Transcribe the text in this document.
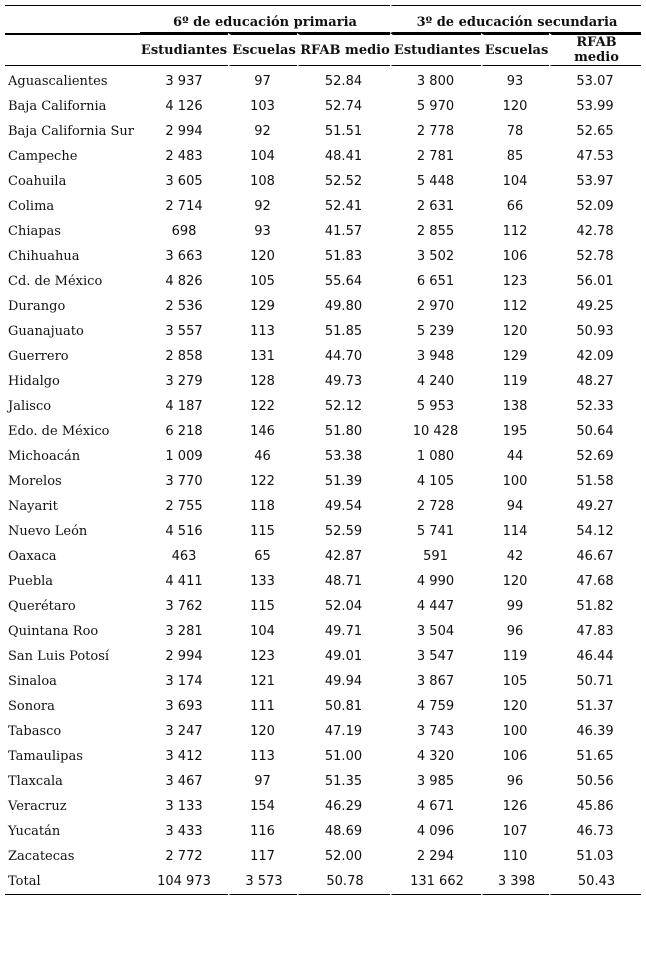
	6º de educación primaria			3º de educación secundaria		
	Estudiantes	Escuelas	RFAB medio	Estudiantes	Escuelas	RFAB medio
Aguascalientes	3 937	97	52.84	3 800	93	53.07
Baja California	4 126	103	52.74	5 970	120	53.99
Baja California Sur	2 994	92	51.51	2 778	78	52.65
Campeche	2 483	104	48.41	2 781	85	47.53
Coahuila	3 605	108	52.52	5 448	104	53.97
Colima	2 714	92	52.41	2 631	66	52.09
Chiapas	698	93	41.57	2 855	112	42.78
Chihuahua	3 663	120	51.83	3 502	106	52.78
Cd. de México	4 826	105	55.64	6 651	123	56.01
Durango	2 536	129	49.80	2 970	112	49.25
Guanajuato	3 557	113	51.85	5 239	120	50.93
Guerrero	2 858	131	44.70	3 948	129	42.09
Hidalgo	3 279	128	49.73	4 240	119	48.27
Jalisco	4 187	122	52.12	5 953	138	52.33
Edo. de México	6 218	146	51.80	10 428	195	50.64
Michoacán	1 009	46	53.38	1 080	44	52.69
Morelos	3 770	122	51.39	4 105	100	51.58
Nayarit	2 755	118	49.54	2 728	94	49.27
Nuevo León	4 516	115	52.59	5 741	114	54.12
Oaxaca	463	65	42.87	591	42	46.67
Puebla	4 411	133	48.71	4 990	120	47.68
Querétaro	3 762	115	52.04	4 447	99	51.82
Quintana Roo	3 281	104	49.71	3 504	96	47.83
San Luis Potosí	2 994	123	49.01	3 547	119	46.44
Sinaloa	3 174	121	49.94	3 867	105	50.71
Sonora	3 693	111	50.81	4 759	120	51.37
Tabasco	3 247	120	47.19	3 743	100	46.39
Tamaulipas	3 412	113	51.00	4 320	106	51.65
Tlaxcala	3 467	97	51.35	3 985	96	50.56
Veracruz	3 133	154	46.29	4 671	126	45.86
Yucatán	3 433	116	48.69	4 096	107	46.73
Zacatecas	2 772	117	52.00	2 294	110	51.03
Total	104 973	3 573	50.78	131 662	3 398	50.43
